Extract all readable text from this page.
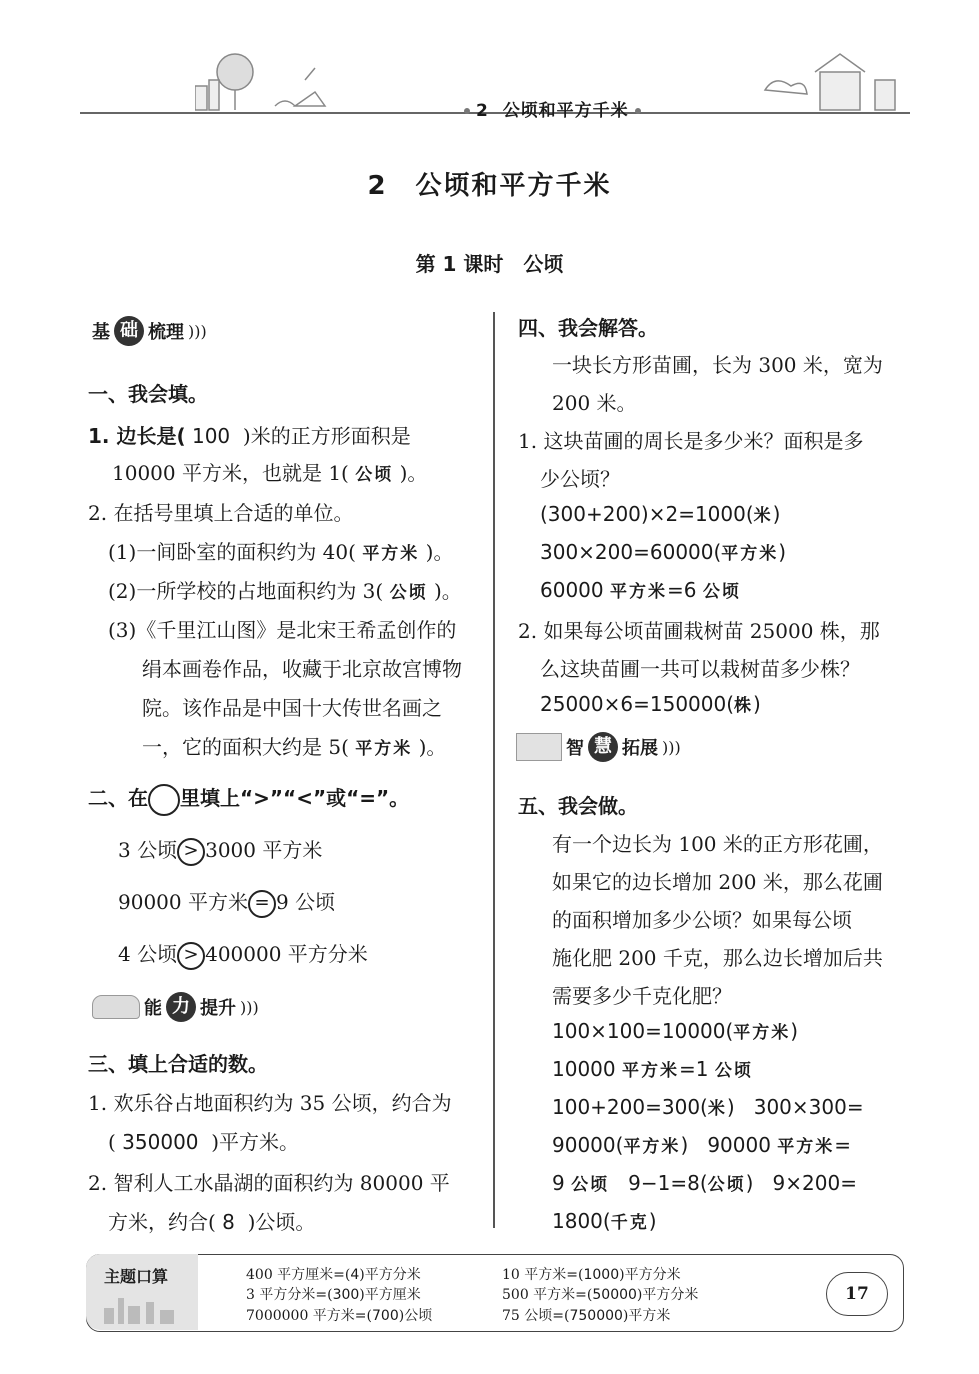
2 公顷和平方千米
2　公顷和平方千米
第 1 课时　公顷
基 础 梳理 )))
一、我会填。
1. 边长是( 100 )米的正方形面积是
10000 平方米，也就是 1( 公顷 )。
2. 在括号里填上合适的单位。
(1)一间卧室的面积约为 40( 平方米 )。
(2)一所学校的占地面积约为 3( 公顷 )。
(3)《千里江山图》是北宋王希孟创作的
绢本画卷作品，收藏于北京故宫博物
院。该作品是中国十大传世名画之
一，它的面积大约是 5( 平方米 )。
二、在 里填上“>”“<”或“=”。
3 公顷 > 3000 平方米
90000 平方米 = 9 公顷
4 公顷 > 400000 平方分米
能 力 提升 )))
三、填上合适的数。
1. 欢乐谷占地面积约为 35 公顷，约合为
( 350000 )平方米。
2. 智利人工水晶湖的面积约为 80000 平
方米，约合( 8 )公顷。
四、我会解答。
一块长方形苗圃，长为 300 米，宽为
200 米。
1. 这块苗圃的周长是多少米？面积是多
少公顷？
(300+200)×2=1000(米)
300×200=60000(平方米)
60000 平方米=6 公顷
2. 如果每公顷苗圃栽树苗 25000 株，那
么这块苗圃一共可以栽树苗多少株？
25000×6=150000(株)
智 慧 拓展 )))
五、我会做。
有一个边长为 100 米的正方形花圃，
如果它的边长增加 200 米，那么花圃
的面积增加多少公顷？如果每公顷
施化肥 200 千克，那么边长增加后共
需要多少千克化肥？
100×100=10000(平方米)
10000 平方米=1 公顷
100+200=300(米)   300×300=
90000(平方米)   90000 平方米=
9 公顷 9−1=8(公顷)   9×200=
1800(千克)
主题口算	400 平方厘米=(4)平方分米	10 平方米=(1000)平方分米
3 平方分米=(300)平方厘米	500 平方米=(50000)平方分米
7000000 平方米=(700)公顷	75 公顷=(750000)平方米
17
